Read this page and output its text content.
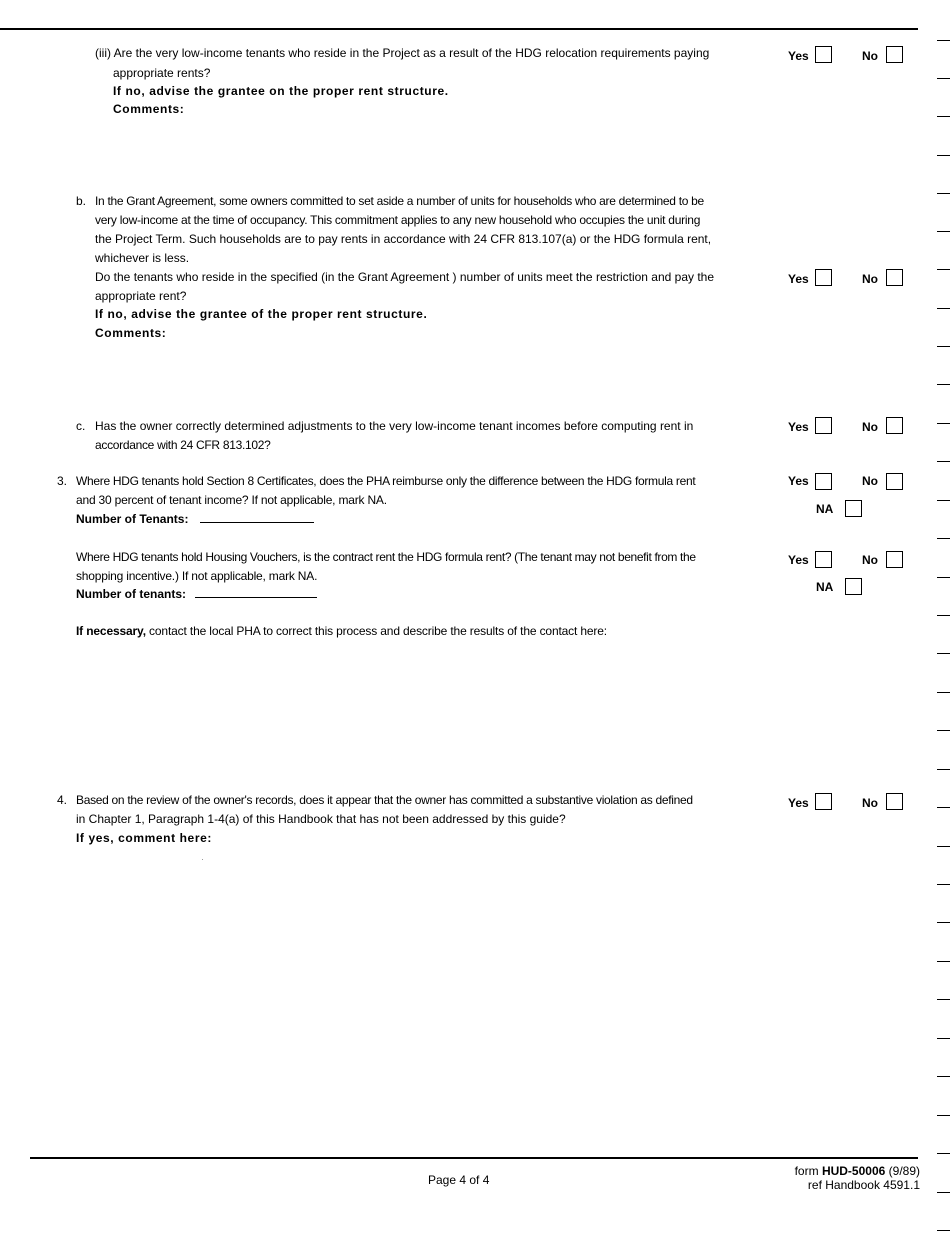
(iii) Are the very low-income tenants who reside in the Project as a result of the HDG relocation requirements paying
appropriate rents?
If no, advise the grantee on the proper rent structure.
Comments:
Yes	No
b. In the Grant Agreement, some owners committed to set aside a number of units for households who are determined to be
very low-income at the time of occupancy. This commitment applies to any new household who occupies the unit during
the Project Term. Such households are to pay rents in accordance with 24 CFR 813.107(a) or the HDG formula rent,
whichever is less.
Do the tenants who reside in the specified (in the Grant Agreement ) number of units meet the restriction and pay the
appropriate rent?
If no, advise the grantee of the proper rent structure.
Comments:
Yes	No
c. Has the owner correctly determined adjustments to the very low-income tenant incomes before computing rent in
accordance with 24 CFR 813.102?
Yes	No
3. Where HDG tenants hold Section 8 Certificates, does the PHA reimburse only the difference between the HDG formula rent
and 30 percent of tenant income? If not applicable, mark NA.
Number of Tenants:
Yes	No
NA
Where HDG tenants hold Housing Vouchers, is the contract rent the HDG formula rent? (The tenant may not benefit from the
shopping incentive.) If not applicable, mark NA.
Number of tenants:
Yes	No
NA
If necessary, contact the local PHA to correct this process and describe the results of the contact here:
4. Based on the review of the owner's records, does it appear that the owner has committed a substantive violation as defined
in Chapter 1, Paragraph 1-4(a) of this Handbook that has not been addressed by this guide?
If yes, comment here:
Yes	No
Page 4 of 4
form HUD-50006 (9/89)
ref Handbook 4591.1
